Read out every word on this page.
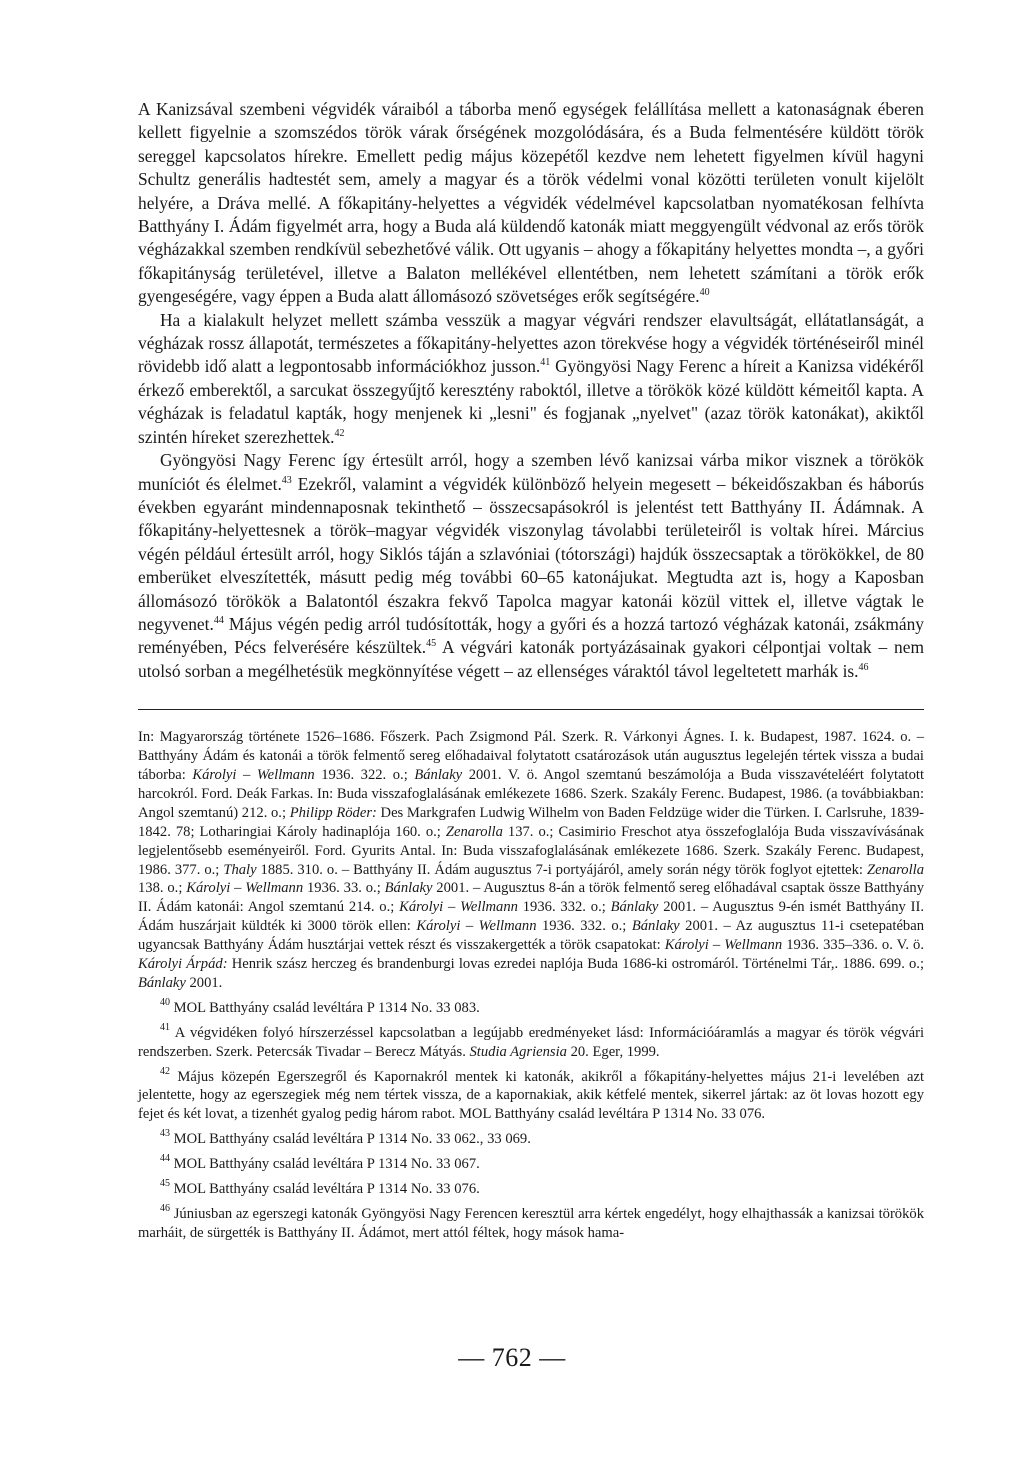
A Kanizsával szembeni végvidék váraiból a táborba menő egységek felállítása mellett a katonaságnak éberen kellett figyelnie a szomszédos török várak őrségének mozgolódására, és a Buda felmentésére küldött török sereggel kapcsolatos hírekre. Emellett pedig május közepétől kezdve nem lehetett figyelmen kívül hagyni Schultz generális hadtestét sem, amely a magyar és a török védelmi vonal közötti területen vonult kijelölt helyére, a Dráva mellé. A főkapitány-helyettes a végvidék védelmével kapcsolatban nyomatékosan felhívta Batthyány I. Ádám figyelmét arra, hogy a Buda alá küldendő katonák miatt meggyengült védvonal az erős török végházakkal szemben rendkívül sebezhetővé válik. Ott ugyanis – ahogy a főkapitány helyettes mondta –, a győri főkapitányság területével, illetve a Balaton mellékével ellentétben, nem lehetett számítani a török erők gyengeségére, vagy éppen a Buda alatt állomásozó szövetséges erők segítségére.$^{40}$

Ha a kialakult helyzet mellett számba vesszük a magyar végvári rendszer elavultságát, ellátatlanságát, a végházak rossz állapotát, természetes a főkapitány-helyettes azon törekvése hogy a végvidék történéseiről minél rövidebb idő alatt a legpontosabb információkhoz jusson.$^{41}$ Gyöngyösi Nagy Ferenc a híreit a Kanizsa vidékéről érkező emberektől, a sarcukat összegyűjtő keresztény raboktól, illetve a törökök közé küldött kémeitől kapta. A végházak is feladatul kapták, hogy menjenek ki „lesni" és fogjanak „nyelvet" (azaz török katonákat), akiktől szintén híreket szerezhettek.$^{42}$

Gyöngyösi Nagy Ferenc így értesült arról, hogy a szemben lévő kanizsai várba mikor visznek a törökök muníciót és élelmet.$^{43}$ Ezekről, valamint a végvidék különböző helyein megesett – békeidőszakban és háborús években egyaránt mindennaposnak tekinthető – összecsapásokról is jelentést tett Batthyány II. Ádámnak. A főkapitány-helyettesnek a török–magyar végvidék viszonylag távolabbi területeiről is voltak hírei. Március végén például értesült arról, hogy Siklós táján a szlavóniai (tótországi) hajdúk összecsaptak a törökökkel, de 80 emberüket elveszítették, másutt pedig még további 60–65 katonájukat. Megtudta azt is, hogy a Kaposban állomásozó törökök a Balatontól északra fekvő Tapolca magyar katonái közül vittek el, illetve vágtak le negyvenet.$^{44}$ Május végén pedig arról tudósították, hogy a győri és a hozzá tartozó végházak katonái, zsákmány reményében, Pécs felverésére készültek.$^{45}$ A végvári katonák portyázásainak gyakori célpontjai voltak – nem utolsó sorban a megélhetésük megkönnyítése végett – az ellenséges váraktól távol legeltetett marhák is.$^{46}$

In: Magyarország története 1526–1686. Főszerk. Pach Zsigmond Pál. Szerk. R. Várkonyi Ágnes. I. k. Budapest, 1987. 1624. o. – Batthyány Ádám és katonái a török felmentő sereg előhadaival folytatott csatározások után augusztus legelején tértek vissza a budai táborba: Károlyi – Wellmann 1936. 322. o.; Bánlaky 2001. V. ö. Angol szemtanú beszámolója a Buda visszavételéért folytatott harcokról. Ford. Deák Farkas. In: Buda visszafoglalásának emlékezete 1686. Szerk. Szakály Ferenc. Budapest, 1986. (a továbbiakban: Angol szemtanú) 212. o.; Philipp Röder: Des Markgrafen Ludwig Wilhelm von Baden Feldzüge wider die Türken. I. Carlsruhe, 1839-1842. 78; Lotharingiai Károly hadinaplója 160. o.; Zenarolla 137. o.; Casimirio Freschot atya összefoglalója Buda visszavívásának legjelentősebb eseményeiről. Ford. Gyurits Antal. In: Buda visszafoglalásának emlékezete 1686. Szerk. Szakály Ferenc. Budapest, 1986. 377. o.; Thaly 1885. 310. o. – Batthyány II. Ádám augusztus 7-i portyájáról, amely során négy török foglyot ejtettek: Zenarolla 138. o.; Károlyi – Wellmann 1936. 33. o.; Bánlaky 2001. – Augusztus 8-án a török felmentő sereg előhadával csaptak össze Batthyány II. Ádám katonái: Angol szemtanú 214. o.; Károlyi – Wellmann 1936. 332. o.; Bánlaky 2001. – Augusztus 9-én ismét Batthyány II. Ádám huszárjait küldték ki 3000 török ellen: Károlyi – Wellmann 1936. 332. o.; Bánlaky 2001. – Az augusztus 11-i csetepatéban ugyancsak Batthyány Ádám husztárjai vettek részt és visszakergették a török csapatokat: Károlyi – Wellmann 1936. 335–336. o. V. ö. Károlyi Árpád: Henrik szász herczeg és brandenburgi lovas ezredei naplója Buda 1686-ki ostromáról. Történelmi Tár,. 1886. 699. o.; Bánlaky 2001.

$^{40}$ MOL Batthyány család levéltára P 1314 No. 33 083.

$^{41}$ A végvidéken folyó hírszerzéssel kapcsolatban a legújabb eredményeket lásd: Információáramlás a magyar és török végvári rendszerben. Szerk. Petercsák Tivadar – Berecz Mátyás. Studia Agriensia 20. Eger, 1999.

$^{42}$ Május közepén Egerszegről és Kapornakról mentek ki katonák, akikről a főkapitány-helyettes május 21-i levelében azt jelentette, hogy az egerszegiek még nem tértek vissza, de a kapornakiak, akik kétfelé mentek, sikerrel jártak: az öt lovas hozott egy fejet és két lovat, a tizenhét gyalog pedig három rabot. MOL Batthyány család levéltára P 1314 No. 33 076.

$^{43}$ MOL Batthyány család levéltára P 1314 No. 33 062., 33 069.

$^{44}$ MOL Batthyány család levéltára P 1314 No. 33 067.

$^{45}$ MOL Batthyány család levéltára P 1314 No. 33 076.

$^{46}$ Júniusban az egerszegi katonák Gyöngyösi Nagy Ferencen keresztül arra kértek engedélyt, hogy elhajthassák a kanizsai törökök marháit, de sürgették is Batthyány II. Ádámot, mert attól féltek, hogy mások hama-

— 762 —
